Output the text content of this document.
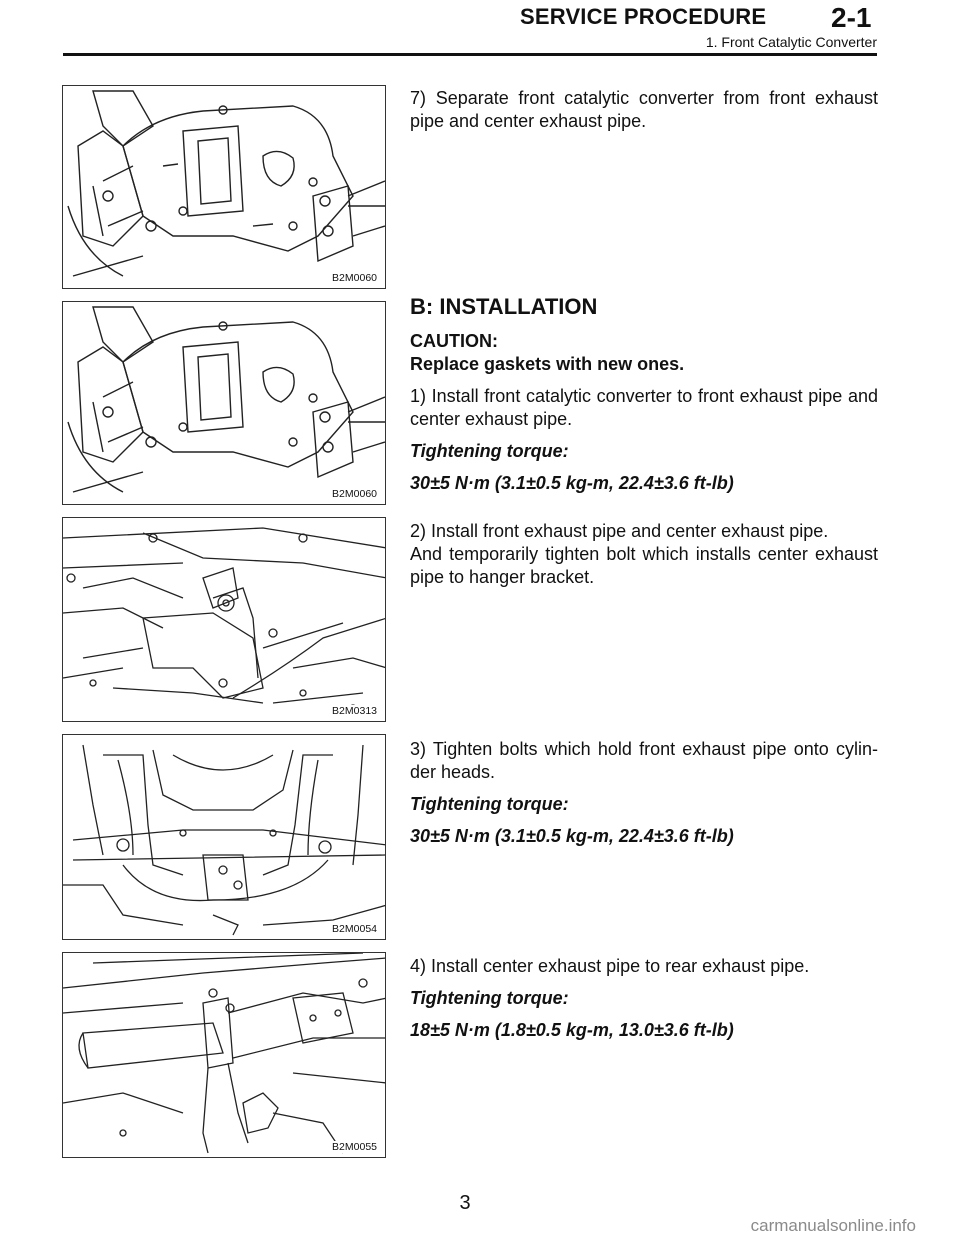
SERVICE PROCEDURE 2-1
1. Front Catalytic Converter
B2M0060
B2M0060
B2M0313
B2M0054
B2M0055

7) Separate front catalytic converter from front exhaust pipe and center exhaust pipe.

B: INSTALLATION

CAUTION:

Replace gaskets with new ones.

1) Install front catalytic converter to front exhaust pipe and center exhaust pipe.

Tightening torque:

30±5 N·m (3.1±0.5 kg-m, 22.4±3.6 ft-lb)

2) Install front exhaust pipe and center exhaust pipe.

And temporarily tighten bolt which installs center exhaust pipe to hanger bracket.

3) Tighten bolts which hold front exhaust pipe onto cylin- der heads.

Tightening torque:

30±5 N·m (3.1±0.5 kg-m, 22.4±3.6 ft-lb)

4) Install center exhaust pipe to rear exhaust pipe.

Tightening torque:

18±5 N·m (1.8±0.5 kg-m, 13.0±3.6 ft-lb)

3
carmanualsonline.info
